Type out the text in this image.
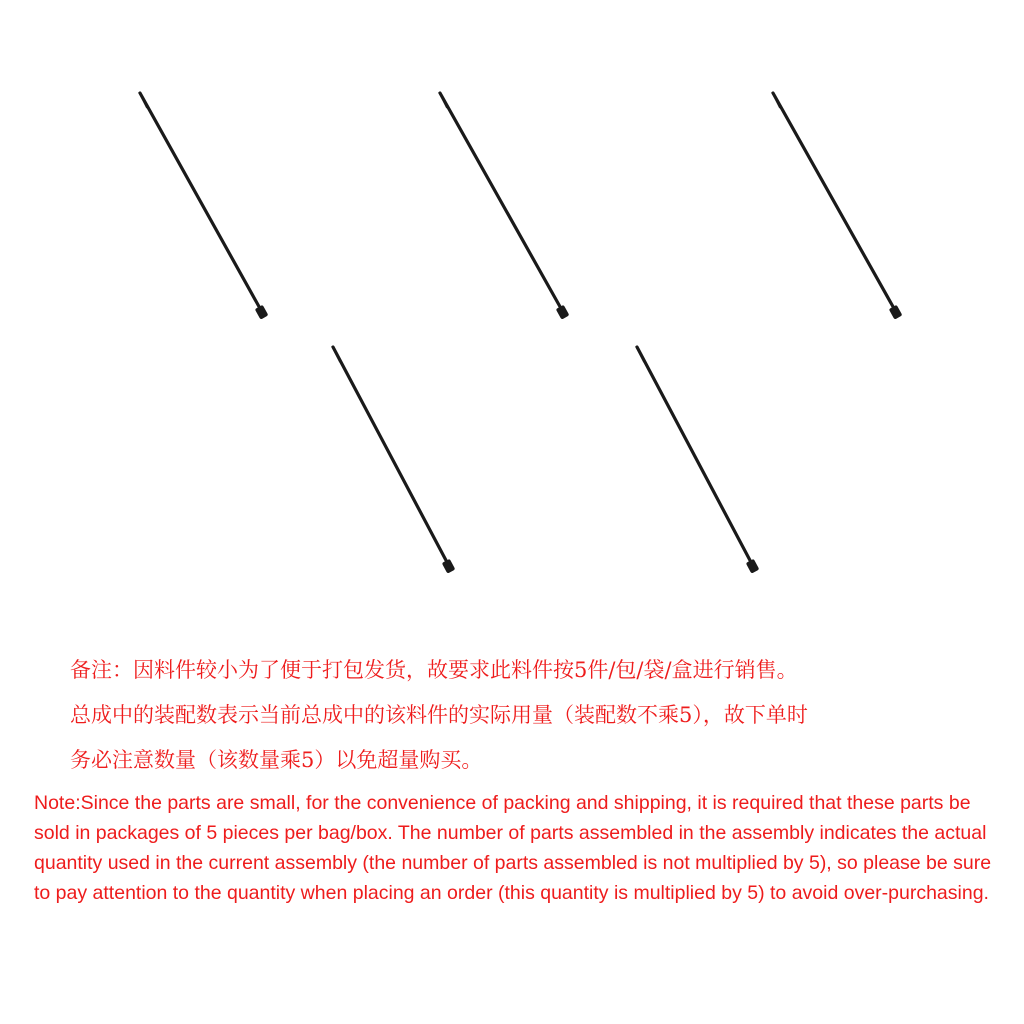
备注：因料件较小为了便于打包发货，故要求此料件按5件/包/袋/盒进行销售。
总成中的装配数表示当前总成中的该料件的实际用量（装配数不乘5），故下单时
务必注意数量（该数量乘5）以免超量购买。

Note:Since the parts are small, for the convenience of packing and shipping, it is required that these parts be sold in packages of 5 pieces per bag/box. The number of parts assembled in the assembly indicates the actual quantity used in the current assembly (the number of parts assembled is not multiplied by 5), so please be sure to pay attention to the quantity when placing an order (this quantity is multiplied by 5) to avoid over-purchasing.
